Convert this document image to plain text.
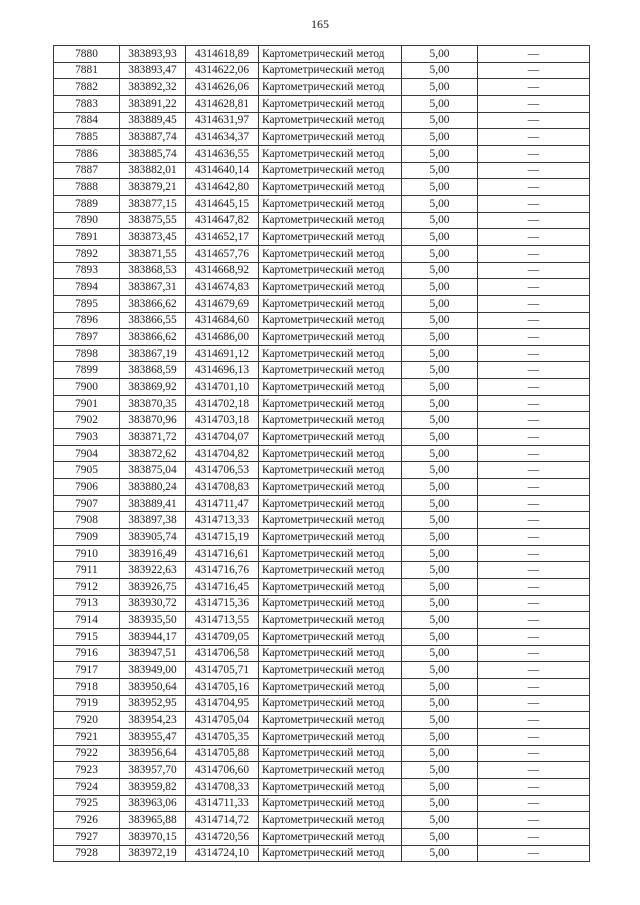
165
7880	383893,93	4314618,89	Картометрический метод	5,00	—
7881	383893,47	4314622,06	Картометрический метод	5,00	—
7882	383892,32	4314626,06	Картометрический метод	5,00	—
7883	383891,22	4314628,81	Картометрический метод	5,00	—
7884	383889,45	4314631,97	Картометрический метод	5,00	—
7885	383887,74	4314634,37	Картометрический метод	5,00	—
7886	383885,74	4314636,55	Картометрический метод	5,00	—
7887	383882,01	4314640,14	Картометрический метод	5,00	—
7888	383879,21	4314642,80	Картометрический метод	5,00	—
7889	383877,15	4314645,15	Картометрический метод	5,00	—
7890	383875,55	4314647,82	Картометрический метод	5,00	—
7891	383873,45	4314652,17	Картометрический метод	5,00	—
7892	383871,55	4314657,76	Картометрический метод	5,00	—
7893	383868,53	4314668,92	Картометрический метод	5,00	—
7894	383867,31	4314674,83	Картометрический метод	5,00	—
7895	383866,62	4314679,69	Картометрический метод	5,00	—
7896	383866,55	4314684,60	Картометрический метод	5,00	—
7897	383866,62	4314686,00	Картометрический метод	5,00	—
7898	383867,19	4314691,12	Картометрический метод	5,00	—
7899	383868,59	4314696,13	Картометрический метод	5,00	—
7900	383869,92	4314701,10	Картометрический метод	5,00	—
7901	383870,35	4314702,18	Картометрический метод	5,00	—
7902	383870,96	4314703,18	Картометрический метод	5,00	—
7903	383871,72	4314704,07	Картометрический метод	5,00	—
7904	383872,62	4314704,82	Картометрический метод	5,00	—
7905	383875,04	4314706,53	Картометрический метод	5,00	—
7906	383880,24	4314708,83	Картометрический метод	5,00	—
7907	383889,41	4314711,47	Картометрический метод	5,00	—
7908	383897,38	4314713,33	Картометрический метод	5,00	—
7909	383905,74	4314715,19	Картометрический метод	5,00	—
7910	383916,49	4314716,61	Картометрический метод	5,00	—
7911	383922,63	4314716,76	Картометрический метод	5,00	—
7912	383926,75	4314716,45	Картометрический метод	5,00	—
7913	383930,72	4314715,36	Картометрический метод	5,00	—
7914	383935,50	4314713,55	Картометрический метод	5,00	—
7915	383944,17	4314709,05	Картометрический метод	5,00	—
7916	383947,51	4314706,58	Картометрический метод	5,00	—
7917	383949,00	4314705,71	Картометрический метод	5,00	—
7918	383950,64	4314705,16	Картометрический метод	5,00	—
7919	383952,95	4314704,95	Картометрический метод	5,00	—
7920	383954,23	4314705,04	Картометрический метод	5,00	—
7921	383955,47	4314705,35	Картометрический метод	5,00	—
7922	383956,64	4314705,88	Картометрический метод	5,00	—
7923	383957,70	4314706,60	Картометрический метод	5,00	—
7924	383959,82	4314708,33	Картометрический метод	5,00	—
7925	383963,06	4314711,33	Картометрический метод	5,00	—
7926	383965,88	4314714,72	Картометрический метод	5,00	—
7927	383970,15	4314720,56	Картометрический метод	5,00	—
7928	383972,19	4314724,10	Картометрический метод	5,00	—
